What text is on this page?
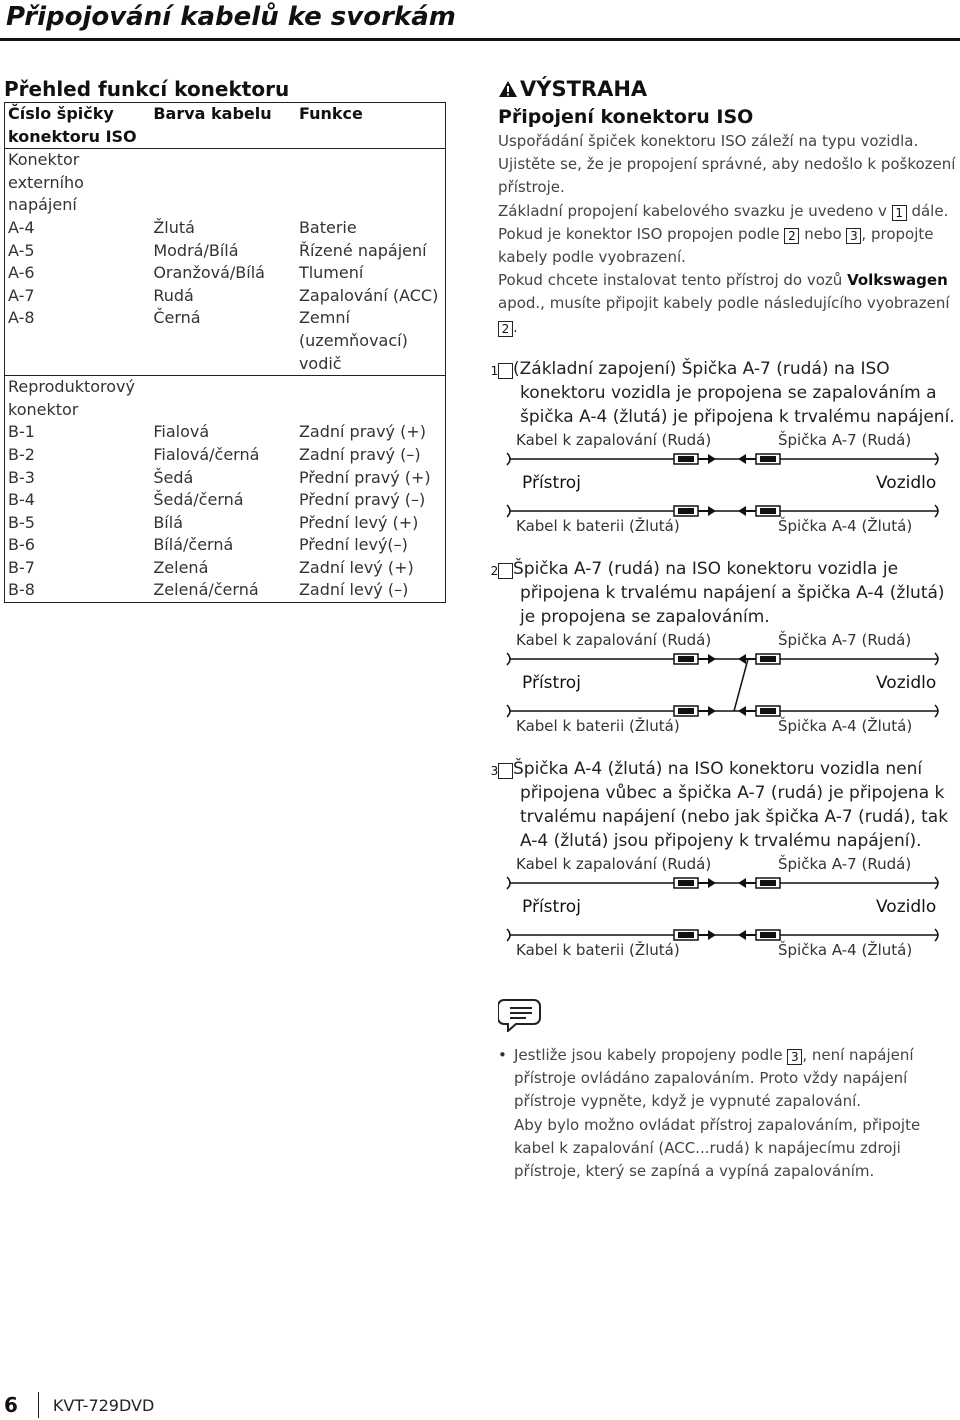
Připojování kabelů ke svorkám
Přehled funkcí konektoru
Číslo špičky konektoru ISO	Barva kabelu	Funkce
Konektor externího napájení		
A-4	Žlutá	Baterie
A-5	Modrá/Bílá	Řízené napájení
A-6	Oranžová/Bílá	Tlumení
A-7	Rudá	Zapalování (ACC)
A-8	Černá	Zemní (uzemňovací) vodič
Reproduktorový konektor		
B-1	Fialová	Zadní pravý (+)
B-2	Fialová/černá	Zadní pravý (–)
B-3	Šedá	Přední pravý (+)
B-4	Šedá/černá	Přední pravý (–)
B-5	Bílá	Přední levý (+)
B-6	Bílá/černá	Přední levý(–)
B-7	Zelená	Zadní levý (+)
B-8	Zelená/černá	Zadní levý (–)
VÝSTRAHA
Připojení konektoru ISO

Uspořádání špiček konektoru ISO záleží na typu vozidla. Ujistěte se, že je propojení správné, aby nedošlo k poškození přístroje.

Základní propojení kabelového svazku je uvedeno v 1 dále.

Pokud je konektor ISO propojen podle 2 nebo 3 , propojte kabely podle vyobrazení.

Pokud chcete instalovat tento přístroj do vozů Volkswagen apod., musíte připojit kabely podle následujícího vyobrazení 2 .

1 (Základní zapojení) Špička A-7 (rudá) na ISO konektoru vozidla je propojena se zapalováním a špička A-4 (žlutá) je připojena k trvalému napájení.

Kabel k zapalování (Rudá)	Špička A-7 (Rudá)
Přístroj	Vozidlo
Kabel k baterii (Žlutá)	Špička A-4 (Žlutá)

2 Špička A-7 (rudá) na ISO konektoru vozidla je připojena k trvalému napájení a špička A-4 (žlutá) je propojena se zapalováním.

Kabel k zapalování (Rudá)	Špička A-7 (Rudá)
Přístroj	Vozidlo
Kabel k baterii (Žlutá)	Špička A-4 (Žlutá)

3 Špička A-4 (žlutá) na ISO konektoru vozidla není připojena vůbec a špička A-7 (rudá) je připojena k trvalému napájení (nebo jak špička A-7 (rudá), tak A-4 (žlutá) jsou připojeny k trvalému napájení).

Kabel k zapalování (Rudá)	Špička A-7 (Rudá)
Přístroj	Vozidlo
Kabel k baterii (Žlutá)	Špička A-4 (Žlutá)
• Jestliže jsou kabely propojeny podle 3 , není napájení přístroje ovládáno zapalováním. Proto vždy napájení přístroje vypněte, když je vypnuté zapalování.

Aby bylo možno ovládat přístroj zapalováním, připojte kabel k zapalování (ACC...rudá) k napájecímu zdroji přístroje, který se zapíná a vypíná zapalováním.

6 KVT-729DVD
